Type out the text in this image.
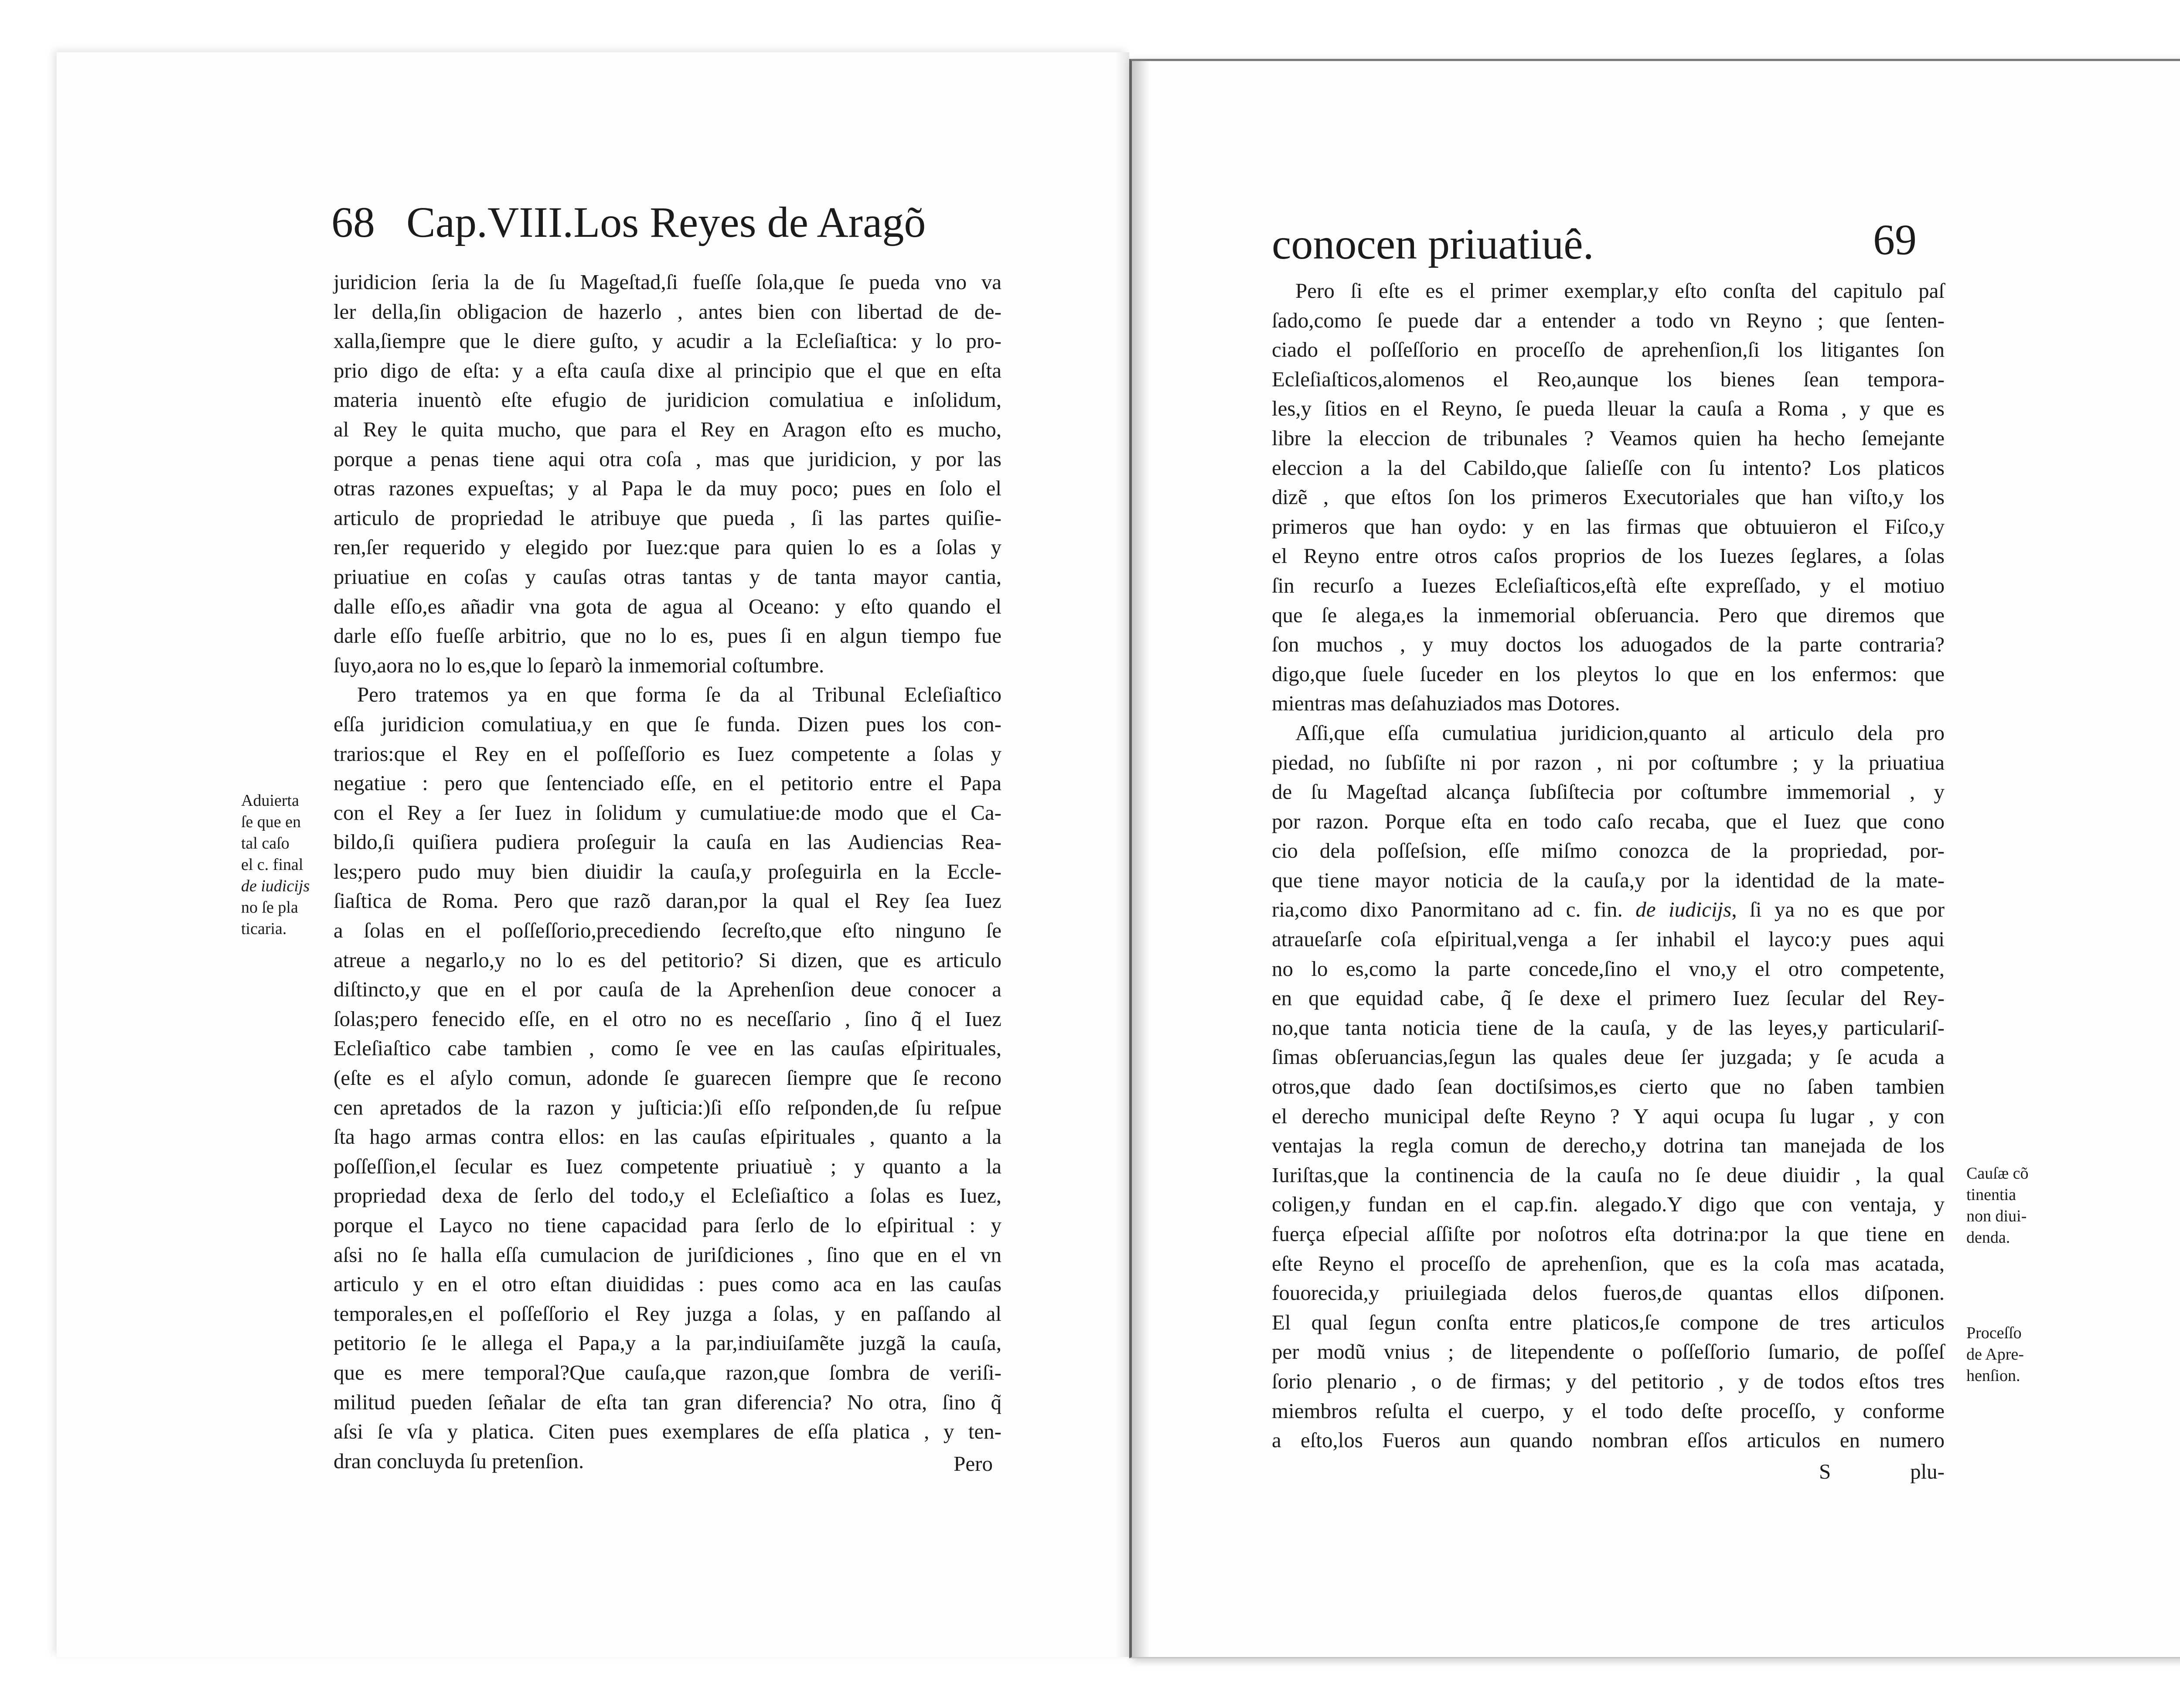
68 Cap.VIII.Los Reyes de Aragõ
juridicion ſeria la de ſu Mageſtad,ſi fueſſe ſola,que ſe pueda vno va
ler della,ſin obligacion de hazerlo , antes bien con libertad de de-
xalla,ſiempre que le diere guſto, y acudir a la Ecleſiaſtica: y lo pro-
prio digo de eſta: y a eſta cauſa dixe al principio que el que en eſta
materia inuentò eſte efugio de juridicion comulatiua e inſolidum,
al Rey le quita mucho, que para el Rey en Aragon eſto es mucho,
porque a penas tiene aqui otra coſa , mas que juridicion, y por las
otras razones expueſtas; y al Papa le da muy poco; pues en ſolo el
articulo de propriedad le atribuye que pueda , ſi las partes quiſie-
ren,ſer requerido y elegido por Iuez:que para quien lo es a ſolas y
priuatiue en coſas y cauſas otras tantas y de tanta mayor cantia,
dalle eſſo,es añadir vna gota de agua al Oceano: y eſto quando el
darle eſſo fueſſe arbitrio, que no lo es, pues ſi en algun tiempo fue
ſuyo,aora no lo es,que lo ſeparò la inmemorial coſtumbre.
Pero tratemos ya en que forma ſe da al Tribunal Ecleſiaſtico
eſſa juridicion comulatiua,y en que ſe funda. Dizen pues los con-
trarios:que el Rey en el poſſeſſorio es Iuez competente a ſolas y
negatiue : pero que ſentenciado eſſe, en el petitorio entre el Papa
con el Rey a ſer Iuez in ſolidum y cumulatiue:de modo que el Ca-
bildo,ſi quiſiera pudiera proſeguir la cauſa en las Audiencias Rea-
les;pero pudo muy bien diuidir la cauſa,y proſeguirla en la Eccle-
ſiaſtica de Roma. Pero que razõ daran,por la qual el Rey ſea Iuez
a ſolas en el poſſeſſorio,precediendo ſecreſto,que eſto ninguno ſe
atreue a negarlo,y no lo es del petitorio? Si dizen, que es articulo
diſtincto,y que en el por cauſa de la Aprehenſion deue conocer a
ſolas;pero fenecido eſſe, en el otro no es neceſſario , ſino q̃ el Iuez
Ecleſiaſtico cabe tambien , como ſe vee en las cauſas eſpirituales,
(eſte es el aſylo comun, adonde ſe guarecen ſiempre que ſe recono
cen apretados de la razon y juſticia:)ſi eſſo reſponden,de ſu reſpue
ſta hago armas contra ellos: en las cauſas eſpirituales , quanto a la
poſſeſſion,el ſecular es Iuez competente priuatiuè ; y quanto a la
propriedad dexa de ſerlo del todo,y el Ecleſiaſtico a ſolas es Iuez,
porque el Layco no tiene capacidad para ſerlo de lo eſpiritual : y
aſsi no ſe halla eſſa cumulacion de juriſdiciones , ſino que en el vn
articulo y en el otro eſtan diuididas : pues como aca en las cauſas
temporales,en el poſſeſſorio el Rey juzga a ſolas, y en paſſando al
petitorio ſe le allega el Papa,y a la par,indiuiſamẽte juzgã la cauſa,
que es mere temporal?Que cauſa,que razon,que ſombra de veriſi-
militud pueden ſeñalar de eſta tan gran diferencia? No otra, ſino q̃
aſsi ſe vſa y platica. Citen pues exemplares de eſſa platica , y ten-
dran concluyda ſu pretenſion.	Pero
Aduierta
ſe que en
tal caſo
el c. final
de iudicijs
no ſe pla
ticaria.
conocen priuatiuê.	69
Pero ſi eſte es el primer exemplar,y eſto conſta del capitulo paſ
ſado,como ſe puede dar a entender a todo vn Reyno ; que ſenten-
ciado el poſſeſſorio en proceſſo de aprehenſion,ſi los litigantes ſon
Ecleſiaſticos,alomenos el Reo,aunque los bienes ſean tempora-
les,y ſitios en el Reyno, ſe pueda lleuar la cauſa a Roma , y que es
libre la eleccion de tribunales ? Veamos quien ha hecho ſemejante
eleccion a la del Cabildo,que ſalieſſe con ſu intento? Los platicos
dizẽ , que eſtos ſon los primeros Executoriales que han viſto,y los
primeros que han oydo: y en las firmas que obtuuieron el Fiſco,y
el Reyno entre otros caſos proprios de los Iuezes ſeglares, a ſolas
ſin recurſo a Iuezes Ecleſiaſticos,eſtà eſte expreſſado, y el motiuo
que ſe alega,es la inmemorial obſeruancia. Pero que diremos que
ſon muchos , y muy doctos los aduogados de la parte contraria?
digo,que ſuele ſuceder en los pleytos lo que en los enfermos: que
mientras mas deſahuziados mas Dotores.
Aſſi,que eſſa cumulatiua juridicion,quanto al articulo dela pro
piedad, no ſubſiſte ni por razon , ni por coſtumbre ; y la priuatiua
de ſu Mageſtad alcança ſubſiſtecia por coſtumbre immemorial , y
por razon. Porque eſta en todo caſo recaba, que el Iuez que cono
cio dela poſſeſsion, eſſe miſmo conozca de la propriedad, por-
que tiene mayor noticia de la cauſa,y por la identidad de la mate-
ria,como dixo Panormitano ad c. fin. de iudicijs, ſi ya no es que por
atraueſarſe coſa eſpiritual,venga a ſer inhabil el layco:y pues aqui
no lo es,como la parte concede,ſino el vno,y el otro competente,
en que equidad cabe, q̃ ſe dexe el primero Iuez ſecular del Rey-
no,que tanta noticia tiene de la cauſa, y de las leyes,y particulariſ-
ſimas obſeruancias,ſegun las quales deue ſer juzgada; y ſe acuda a
otros,que dado ſean doctiſsimos,es cierto que no ſaben tambien
el derecho municipal deſte Reyno ? Y aqui ocupa ſu lugar , y con
ventajas la regla comun de derecho,y dotrina tan manejada de los
Iuriſtas,que la continencia de la cauſa no ſe deue diuidir , la qual
coligen,y fundan en el cap.fin. alegado.Y digo que con ventaja, y
fuerça eſpecial aſſiſte por noſotros eſta dotrina:por la que tiene en
eſte Reyno el proceſſo de aprehenſion, que es la coſa mas acatada,
fouorecida,y priuilegiada delos fueros,de quantas ellos diſponen.
El qual ſegun conſta entre platicos,ſe compone de tres articulos
per modũ vnius ; de litependente o poſſeſſorio ſumario, de poſſeſ
ſorio plenario , o de firmas; y del petitorio , y de todos eſtos tres
miembros reſulta el cuerpo, y el todo deſte proceſſo, y conforme
a eſto,los Fueros aun quando nombran eſſos articulos en numero
S	plu-
Cauſæ cõ
tinentia
non diui-
denda.
Proceſſo
de Apre-
henſion.
